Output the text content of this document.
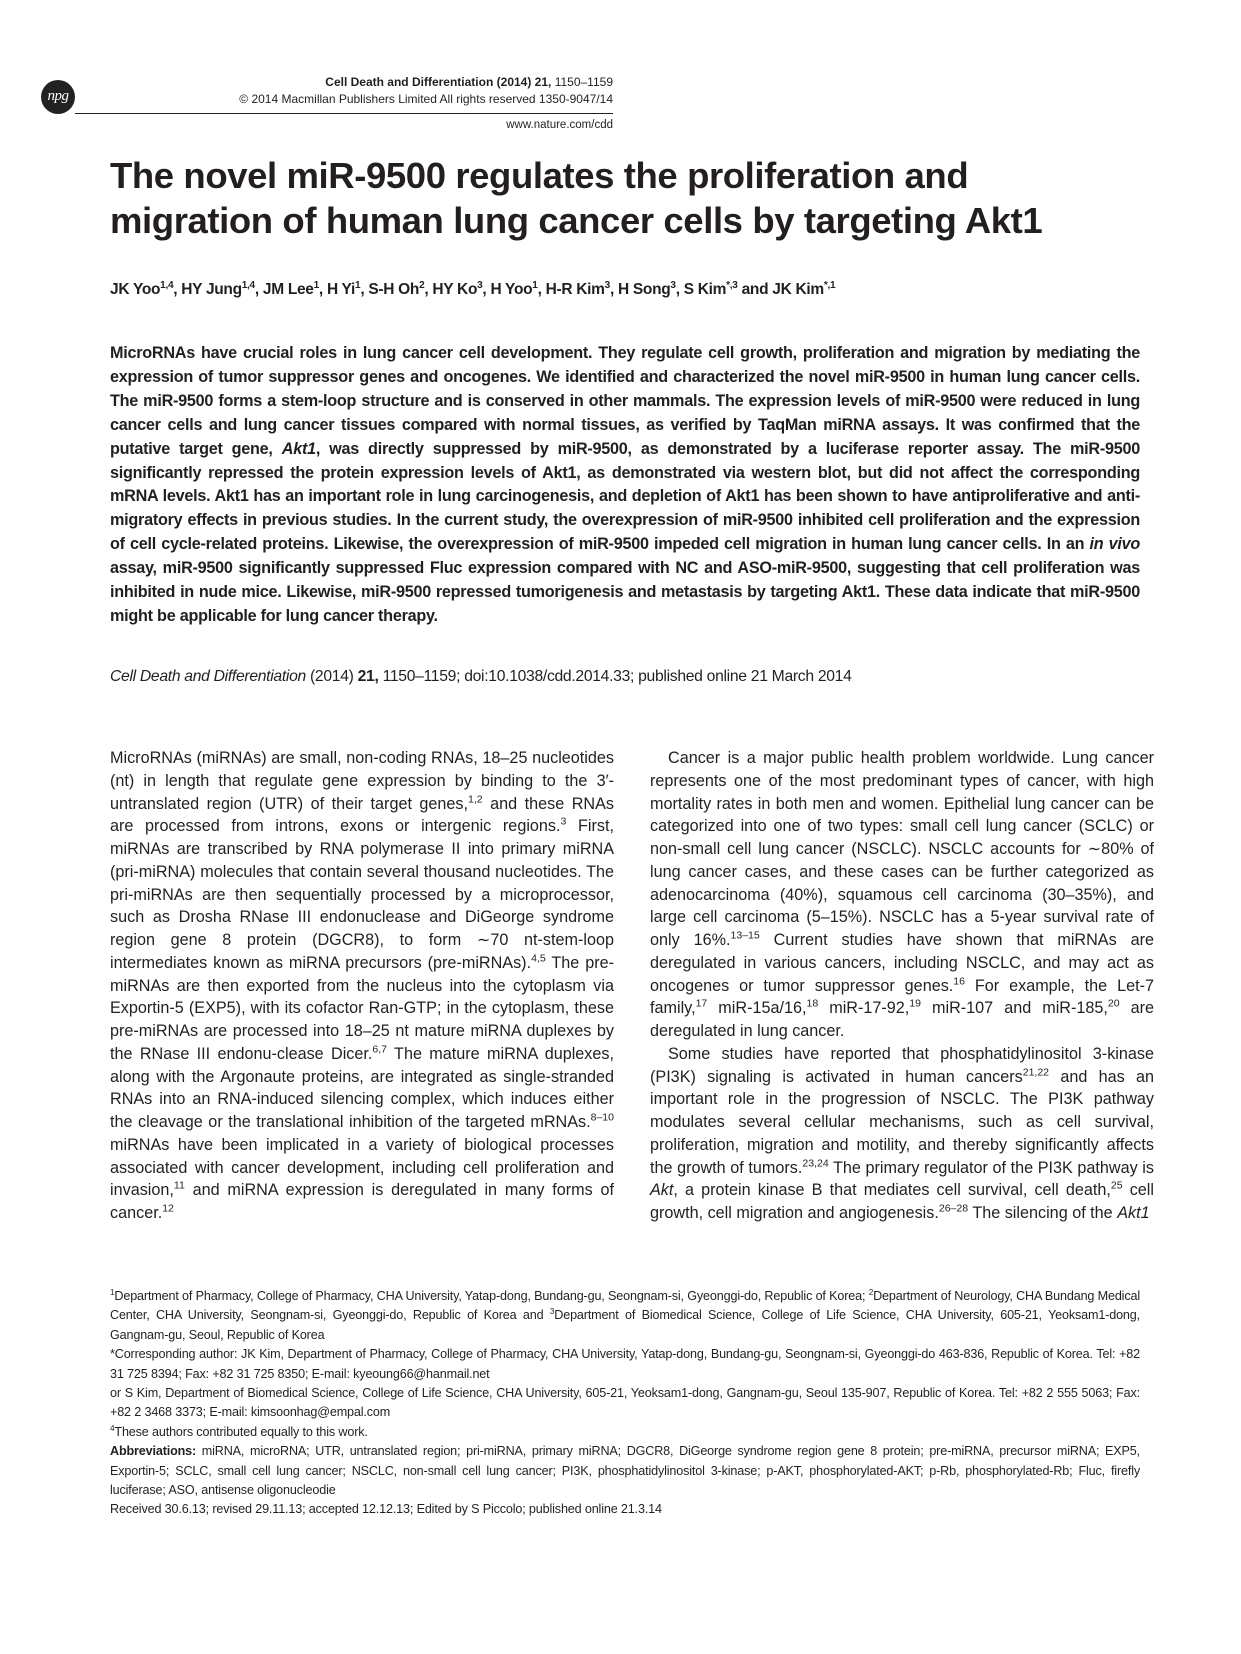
npg
Cell Death and Differentiation (2014) 21, 1150–1159
© 2014 Macmillan Publishers Limited All rights reserved 1350-9047/14
www.nature.com/cdd
The novel miR-9500 regulates the proliferation and
migration of human lung cancer cells by targeting Akt1
JK Yoo$^{1,4}$, HY Jung$^{1,4}$, JM Lee$^1$, H Yi$^1$, S-H Oh$^2$, HY Ko$^3$, H Yoo$^1$, H-R Kim$^3$, H Song$^3$, S Kim$^{*,3}$ and JK Kim$^{*,1}$

MicroRNAs have crucial roles in lung cancer cell development. They regulate cell growth, proliferation and migration by mediating the expression of tumor suppressor genes and oncogenes. We identified and characterized the novel miR-9500 in human lung cancer cells. The miR-9500 forms a stem-loop structure and is conserved in other mammals. The expression levels of miR-9500 were reduced in lung cancer cells and lung cancer tissues compared with normal tissues, as verified by TaqMan miRNA assays. It was confirmed that the putative target gene, Akt1, was directly suppressed by miR-9500, as demonstrated by a luciferase reporter assay. The miR-9500 significantly repressed the protein expression levels of Akt1, as demonstrated via western blot, but did not affect the corresponding mRNA levels. Akt1 has an important role in lung carcinogenesis, and depletion of Akt1 has been shown to have antiproliferative and anti-migratory effects in previous studies. In the current study, the overexpression of miR-9500 inhibited cell proliferation and the expression of cell cycle-related proteins. Likewise, the overexpression of miR-9500 impeded cell migration in human lung cancer cells. In an in vivo assay, miR-9500 significantly suppressed Fluc expression compared with NC and ASO-miR-9500, suggesting that cell proliferation was inhibited in nude mice. Likewise, miR-9500 repressed tumorigenesis and metastasis by targeting Akt1. These data indicate that miR-9500 might be applicable for lung cancer therapy.

Cell Death and Differentiation (2014) 21, 1150–1159; doi:10.1038/cdd.2014.33; published online 21 March 2014

MicroRNAs (miRNAs) are small, non-coding RNAs, 18–25 nucleotides (nt) in length that regulate gene expression by binding to the 3′-untranslated region (UTR) of their target genes,$^{1,2}$ and these RNAs are processed from introns, exons or intergenic regions.$^3$ First, miRNAs are transcribed by RNA polymerase II into primary miRNA (pri-miRNA) molecules that contain several thousand nucleotides. The pri-miRNAs are then sequentially processed by a microprocessor, such as Drosha RNase III endonuclease and DiGeorge syndrome region gene 8 protein (DGCR8), to form ∼70 nt-stem-loop intermediates known as miRNA precursors (pre-miRNAs).$^{4,5}$ The pre-miRNAs are then exported from the nucleus into the cytoplasm via Exportin-5 (EXP5), with its cofactor Ran-GTP; in the cytoplasm, these pre-miRNAs are processed into 18–25 nt mature miRNA duplexes by the RNase III endonu-clease Dicer.$^{6,7}$ The mature miRNA duplexes, along with the Argonaute proteins, are integrated as single-stranded RNAs into an RNA-induced silencing complex, which induces either the cleavage or the translational inhibition of the targeted mRNAs.$^{8-10}$ miRNAs have been implicated in a variety of biological processes associated with cancer development, including cell proliferation and invasion,$^{11}$ and miRNA expression is deregulated in many forms of cancer.$^{12}$

Cancer is a major public health problem worldwide. Lung cancer represents one of the most predominant types of cancer, with high mortality rates in both men and women. Epithelial lung cancer can be categorized into one of two types: small cell lung cancer (SCLC) or non-small cell lung cancer (NSCLC). NSCLC accounts for ∼80% of lung cancer cases, and these cases can be further categorized as adenocarcinoma (40%), squamous cell carcinoma (30–35%), and large cell carcinoma (5–15%). NSCLC has a 5-year survival rate of only 16%.$^{13-15}$ Current studies have shown that miRNAs are deregulated in various cancers, including NSCLC, and may act as oncogenes or tumor suppressor genes.$^{16}$ For example, the Let-7 family,$^{17}$ miR-15a/16,18 miR-17-92,19 miR-107 and miR-185,20 are deregulated in lung cancer.

Some studies have reported that phosphatidylinositol 3-kinase (PI3K) signaling is activated in human cancers$^{21,22}$ and has an important role in the progression of NSCLC. The PI3K pathway modulates several cellular mechanisms, such as cell survival, proliferation, migration and motility, and thereby significantly affects the growth of tumors.$^{23,24}$ The primary regulator of the PI3K pathway is Akt, a protein kinase B that mediates cell survival, cell death,$^{25}$ cell growth, cell migration and angiogenesis.$^{26-28}$ The silencing of the Akt1

$^1$Department of Pharmacy, College of Pharmacy, CHA University, Yatap-dong, Bundang-gu, Seongnam-si, Gyeonggi-do, Republic of Korea; $^2$Department of Neurology, CHA Bundang Medical Center, CHA University, Seongnam-si, Gyeonggi-do, Republic of Korea and $^3$Department of Biomedical Science, College of Life Science, CHA University, 605-21, Yeoksam1-dong, Gangnam-gu, Seoul, Republic of Korea

*Corresponding author: JK Kim, Department of Pharmacy, College of Pharmacy, CHA University, Yatap-dong, Bundang-gu, Seongnam-si, Gyeonggi-do 463-836, Republic of Korea. Tel: +82 31 725 8394; Fax: +82 31 725 8350; E-mail: kyeoung66@hanmail.net

or S Kim, Department of Biomedical Science, College of Life Science, CHA University, 605-21, Yeoksam1-dong, Gangnam-gu, Seoul 135-907, Republic of Korea. Tel: +82 2 555 5063; Fax: +82 2 3468 3373; E-mail: kimsoonhag@empal.com

$^4$These authors contributed equally to this work.

Abbreviations: miRNA, microRNA; UTR, untranslated region; pri-miRNA, primary miRNA; DGCR8, DiGeorge syndrome region gene 8 protein; pre-miRNA, precursor miRNA; EXP5, Exportin-5; SCLC, small cell lung cancer; NSCLC, non-small cell lung cancer; PI3K, phosphatidylinositol 3-kinase; p-AKT, phosphorylated-AKT; p-Rb, phosphorylated-Rb; Fluc, firefly luciferase; ASO, antisense oligonucleodie

Received 30.6.13; revised 29.11.13; accepted 12.12.13; Edited by S Piccolo; published online 21.3.14
